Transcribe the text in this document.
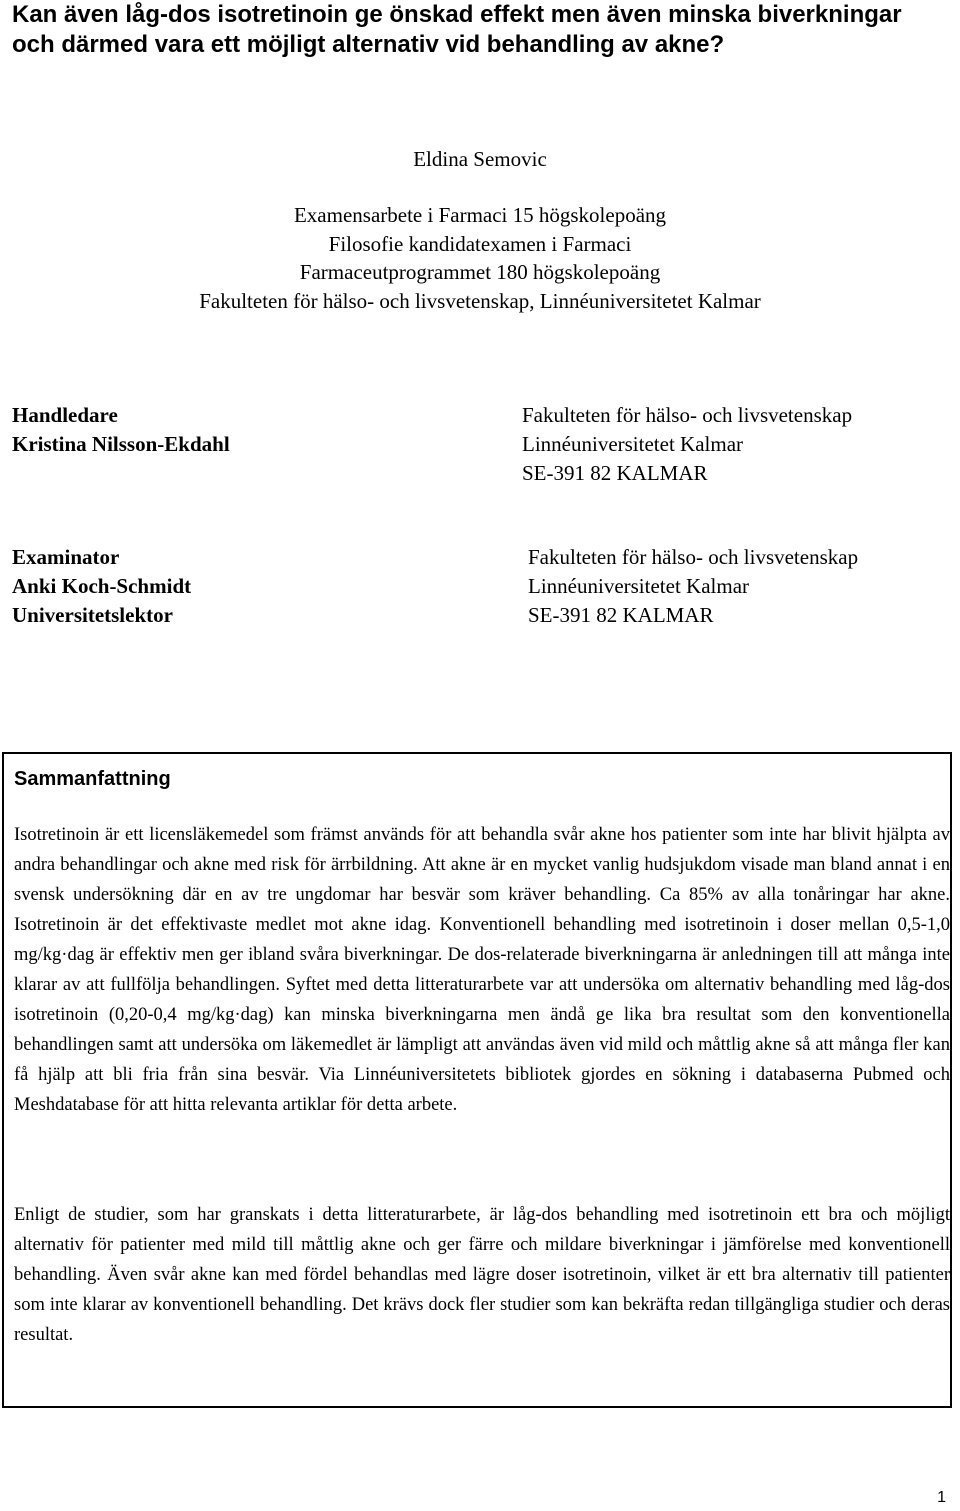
Kan även låg-dos isotretinoin ge önskad effekt men även minska biverkningar och därmed vara ett möjligt alternativ vid behandling av akne?
Eldina Semovic
Examensarbete i Farmaci 15 högskolepoäng
Filosofie kandidatexamen i Farmaci
Farmaceutprogrammet 180 högskolepoäng
Fakulteten för hälso- och livsvetenskap, Linnéuniversitetet Kalmar
Handledare
Kristina Nilsson-Ekdahl
Fakulteten för hälso- och livsvetenskap
Linnéuniversitetet Kalmar
SE-391 82 KALMAR
Examinator
Anki Koch-Schmidt
Universitetslektor
Fakulteten för hälso- och livsvetenskap
Linnéuniversitetet Kalmar
SE-391 82 KALMAR
Sammanfattning

Isotretinoin är ett licensläkemedel som främst används för att behandla svår akne hos patienter som inte har blivit hjälpta av andra behandlingar och akne med risk för ärrbildning. Att akne är en mycket vanlig hudsjukdom visade man bland annat i en svensk undersökning där en av tre ungdomar har besvär som kräver behandling. Ca 85% av alla tonåringar har akne. Isotretinoin är det effektivaste medlet mot akne idag. Konventionell behandling med isotretinoin i doser mellan 0,5-1,0 mg/kg·dag är effektiv men ger ibland svåra biverkningar. De dos-relaterade biverkningarna är anledningen till att många inte klarar av att fullfölja behandlingen. Syftet med detta litteraturarbete var att undersöka om alternativ behandling med låg-dos isotretinoin (0,20-0,4 mg/kg·dag) kan minska biverkningarna men ändå ge lika bra resultat som den konventionella behandlingen samt att undersöka om läkemedlet är lämpligt att användas även vid mild och måttlig akne så att många fler kan få hjälp att bli fria från sina besvär. Via Linnéuniversitetets bibliotek gjordes en sökning i databaserna Pubmed och Meshdatabase för att hitta relevanta artiklar för detta arbete.

Enligt de studier, som har granskats i detta litteraturarbete, är låg-dos behandling med isotretinoin ett bra och möjligt alternativ för patienter med mild till måttlig akne och ger färre och mildare biverkningar i jämförelse med konventionell behandling. Även svår akne kan med fördel behandlas med lägre doser isotretinoin, vilket är ett bra alternativ till patienter som inte klarar av konventionell behandling. Det krävs dock fler studier som kan bekräfta redan tillgängliga studier och deras resultat.

1
